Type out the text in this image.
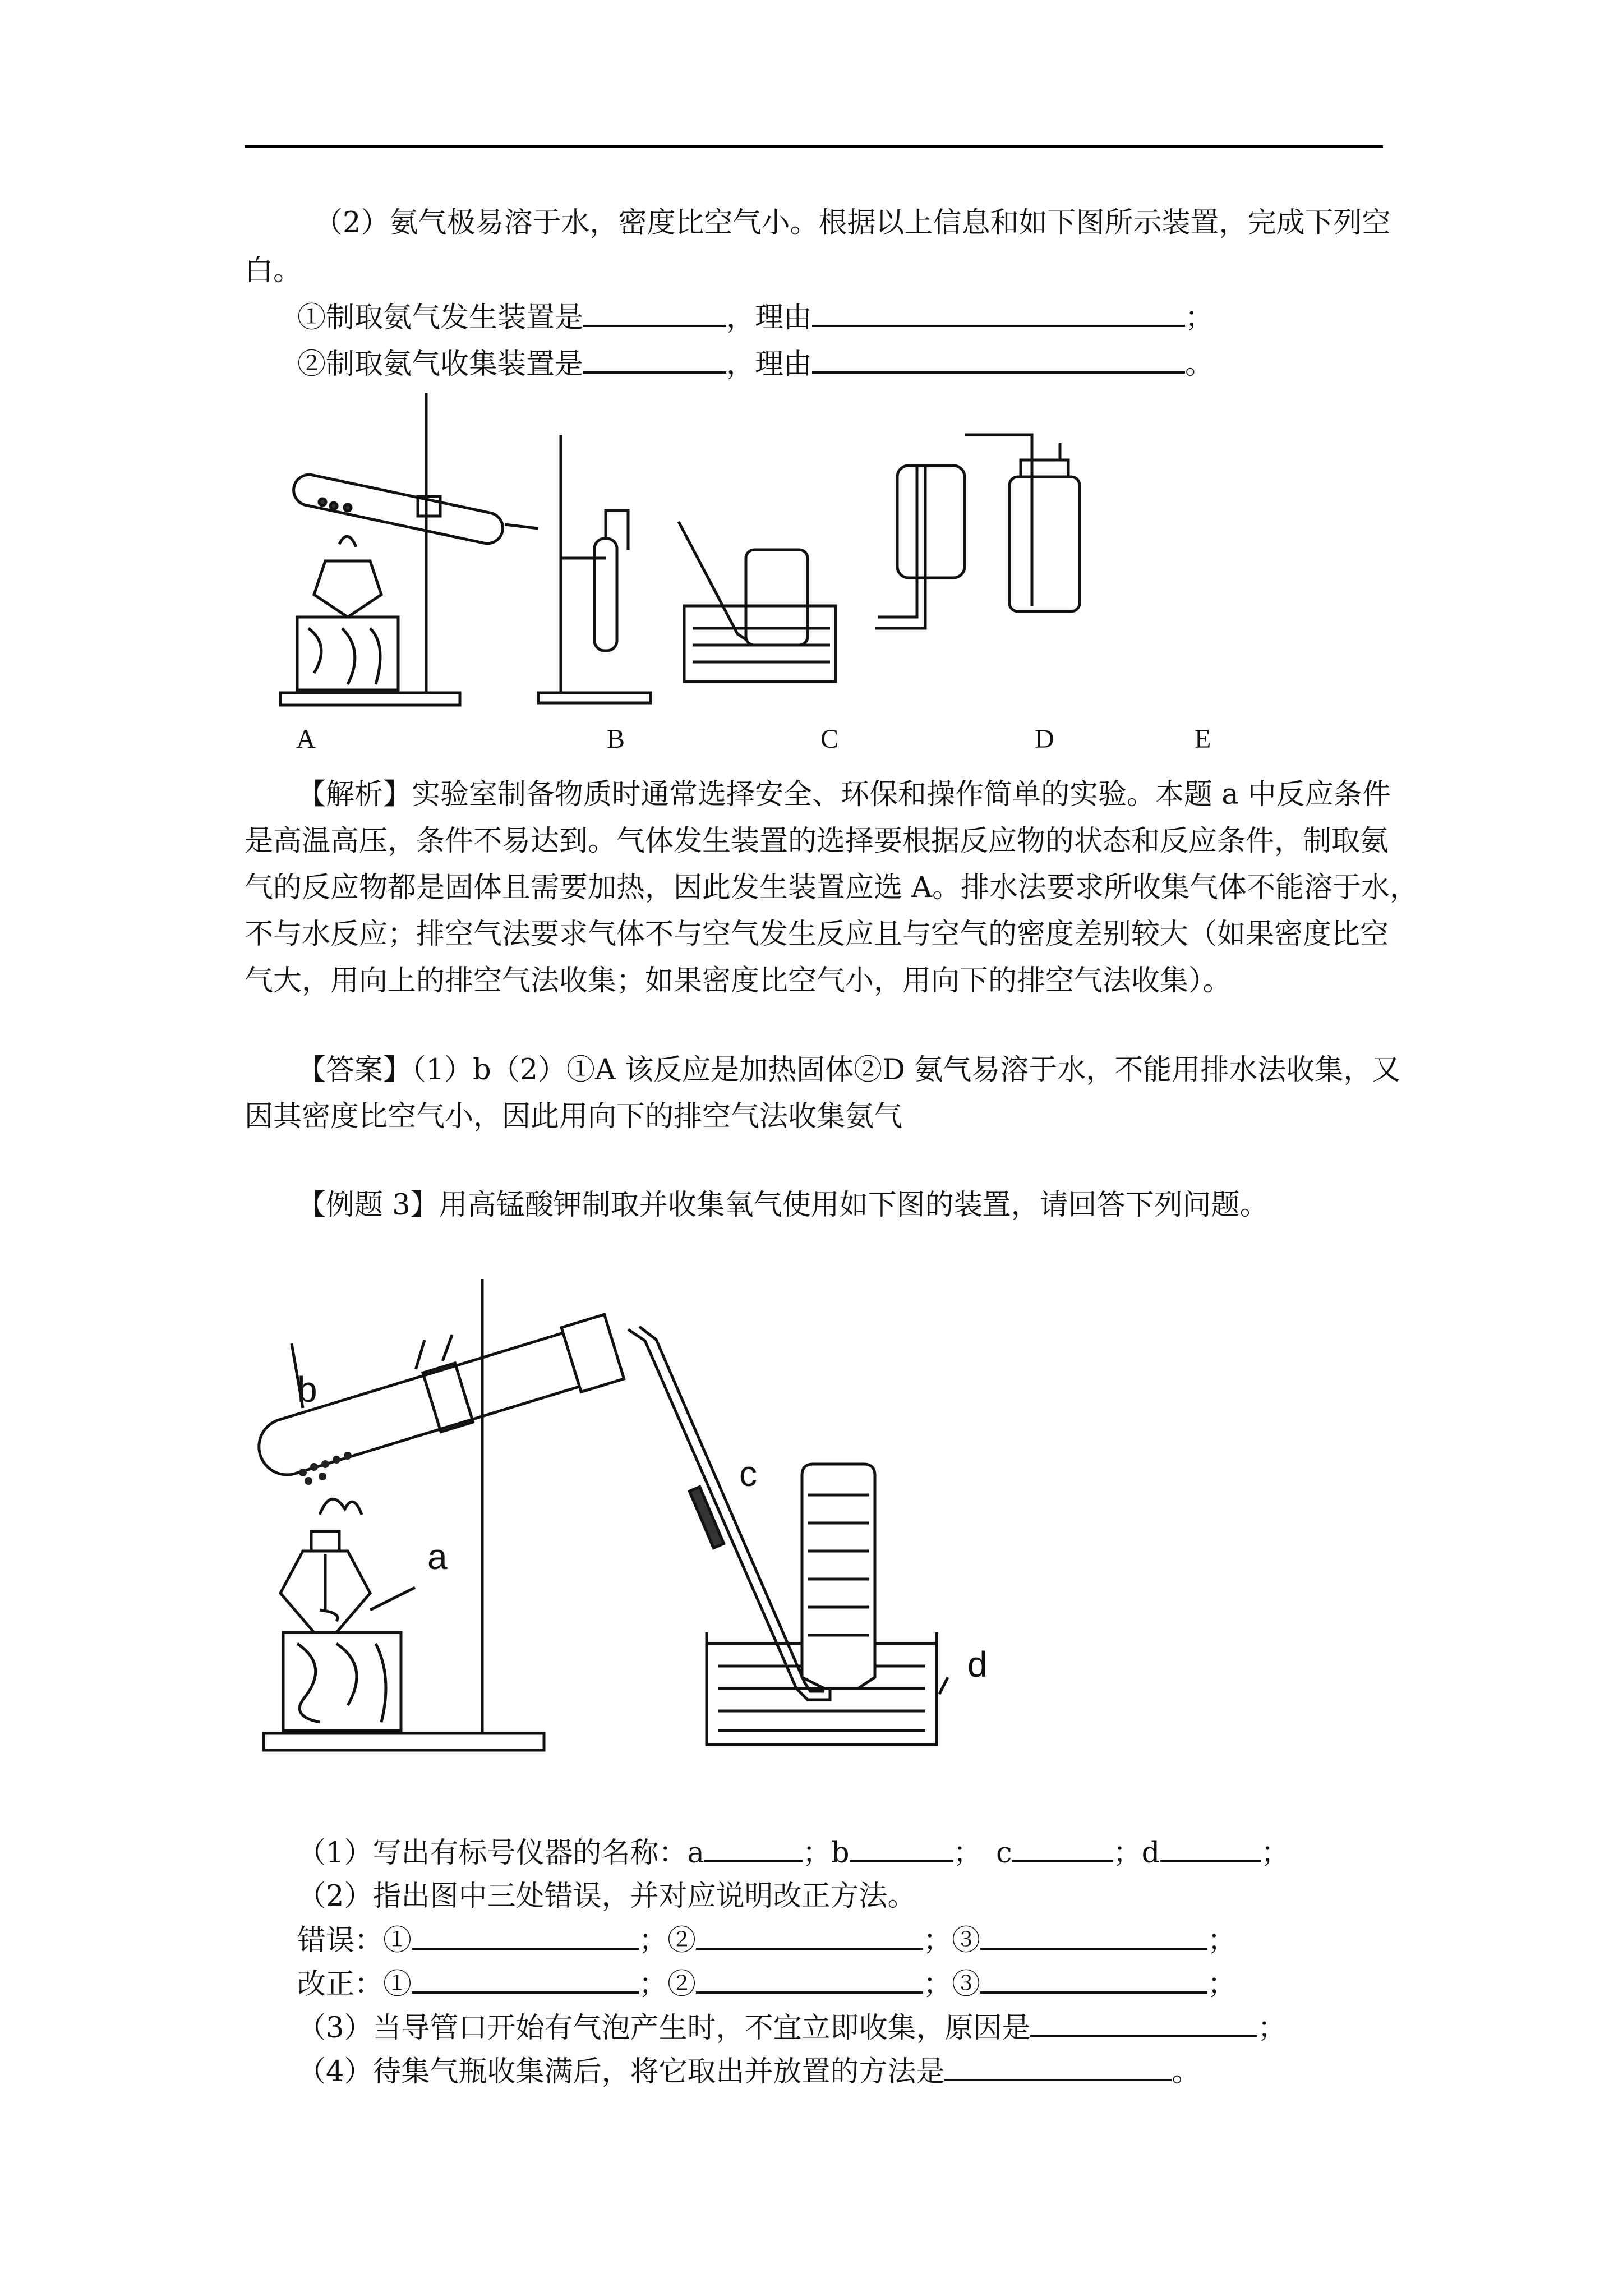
（2）氨气极易溶于水，密度比空气小。根据以上信息和如下图所示装置，完成下列空
白。
①制取氨气发生装置是	，理由	；
②制取氨气收集装置是	，理由	。
A	B	C	D	E
【解析】实验室制备物质时通常选择安全、环保和操作简单的实验。本题 a 中反应条件
是高温高压，条件不易达到。气体发生装置的选择要根据反应物的状态和反应条件，制取氨
气的反应物都是固体且需要加热，因此发生装置应选 A。排水法要求所收集气体不能溶于水，
不与水反应；排空气法要求气体不与空气发生反应且与空气的密度差别较大（如果密度比空
气大，用向上的排空气法收集；如果密度比空气小，用向下的排空气法收集）。
【答案】（1）b（2）①A 该反应是加热固体②D 氨气易溶于水，不能用排水法收集，又
因其密度比空气小，因此用向下的排空气法收集氨气
【例题 3】用高锰酸钾制取并收集氧气使用如下图的装置，请回答下列问题。
b
a
c
d
（1）写出有标号仪器的名称：a	；b	；　c	；d	；
（2）指出图中三处错误，并对应说明改正方法。
错误：①	；②	；③	；
改正：①	；②	；③	；
（3）当导管口开始有气泡产生时，不宜立即收集，原因是	；
（4）待集气瓶收集满后，将它取出并放置的方法是	。
